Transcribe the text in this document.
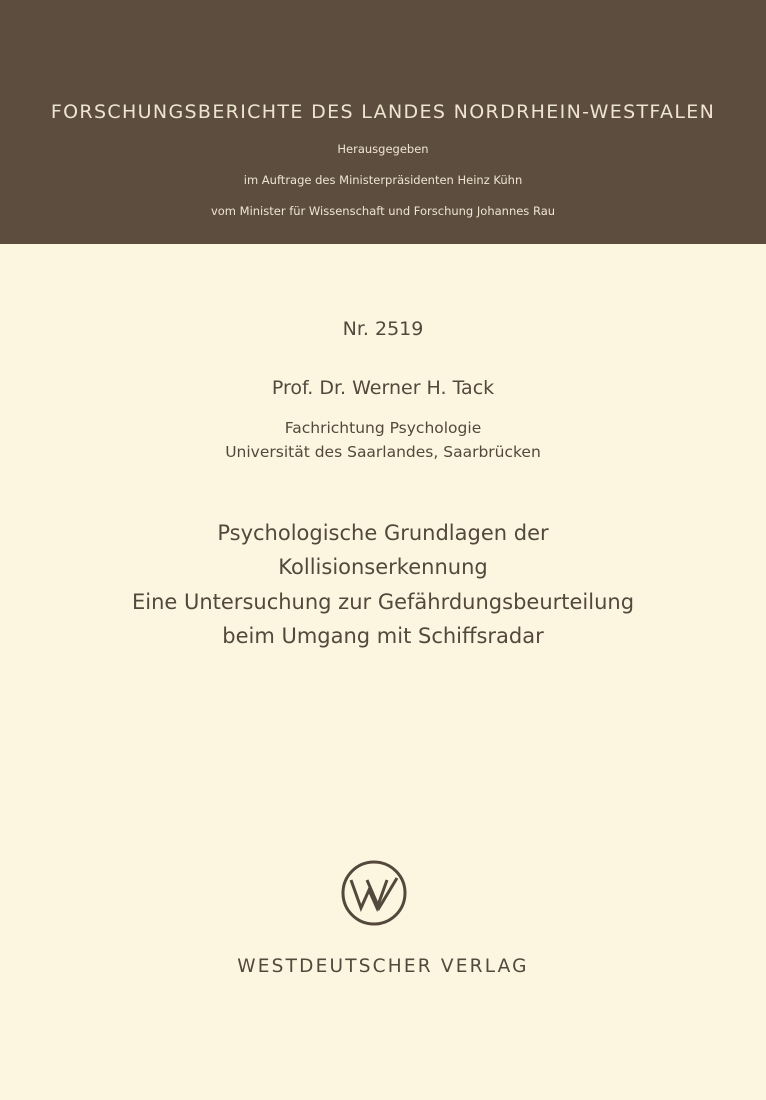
FORSCHUNGSBERICHTE DES LANDES NORDRHEIN-WESTFALEN
Herausgegeben
im Auftrage des Ministerpräsidenten Heinz Kühn
vom Minister für Wissenschaft und Forschung Johannes Rau
Nr. 2519
Prof. Dr. Werner H. Tack
Fachrichtung Psychologie
Universität des Saarlandes, Saarbrücken
Psychologische Grundlagen der
Kollisionserkennung
Eine Untersuchung zur Gefährdungsbeurteilung
beim Umgang mit Schiffsradar
WESTDEUTSCHER VERLAG
